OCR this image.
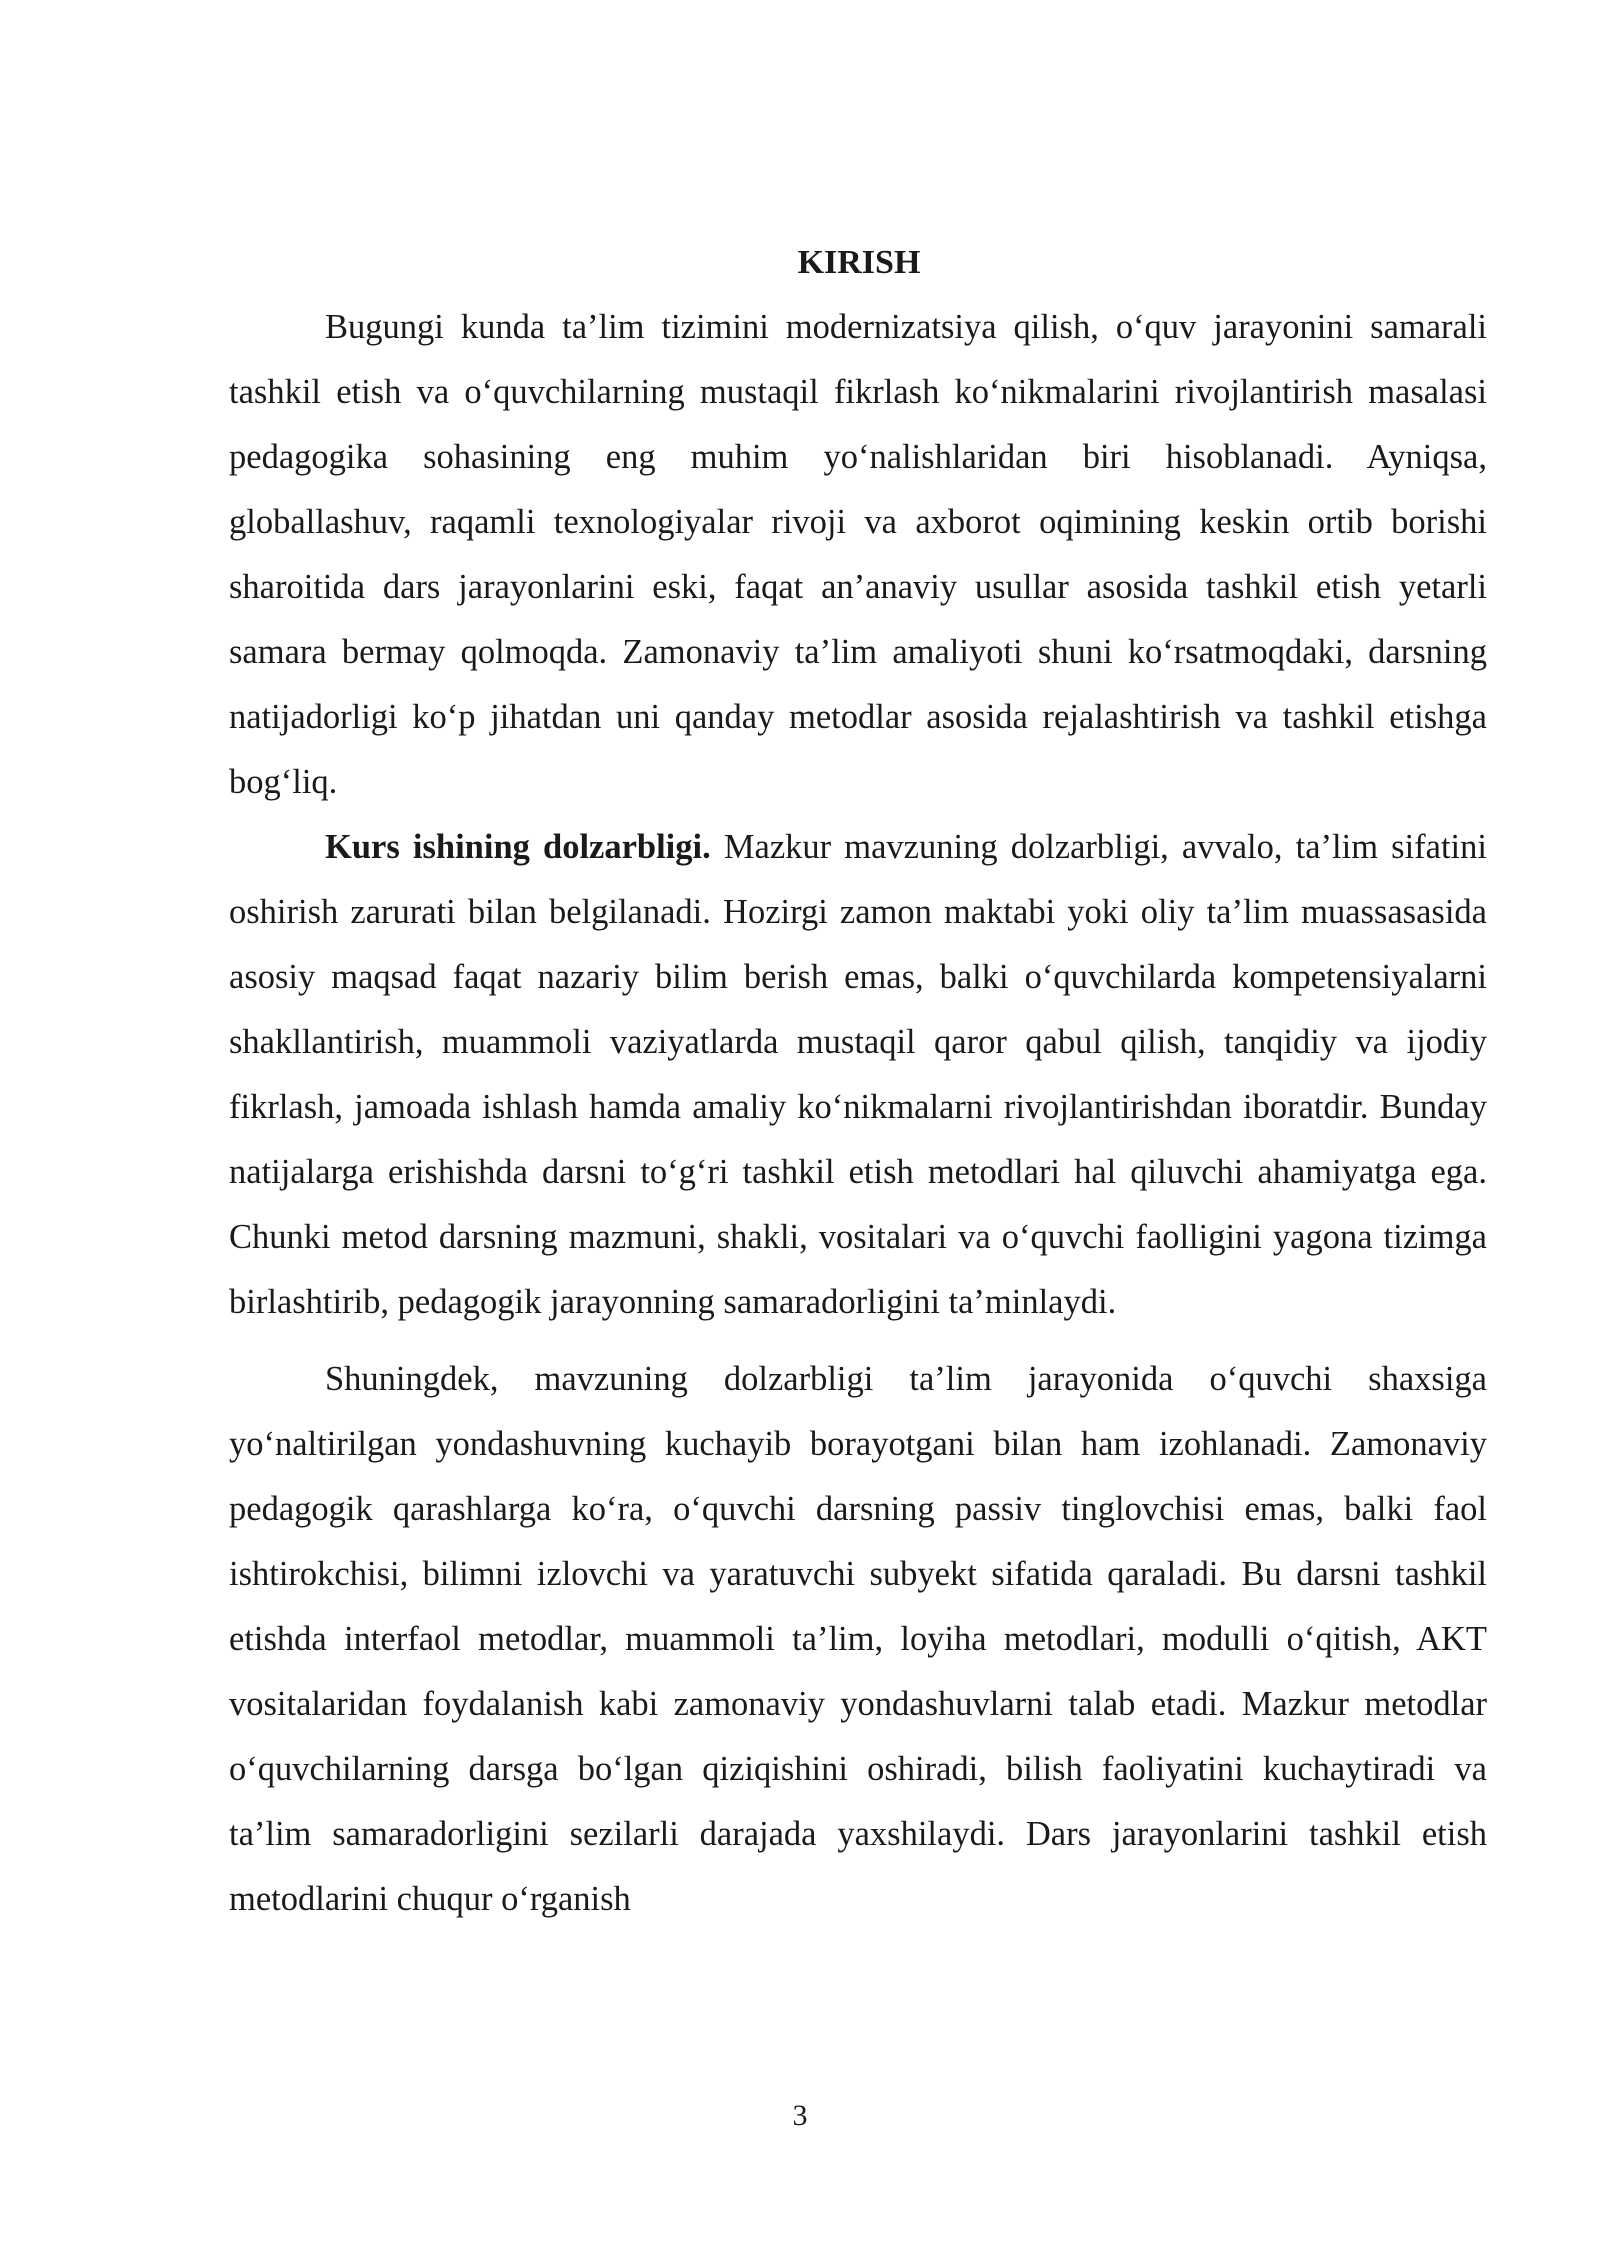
KIRISH

Bugungi kunda ta’lim tizimini modernizatsiya qilish, o‘quv jarayonini samarali tashkil etish va o‘quvchilarning mustaqil fikrlash ko‘nikmalarini rivojlantirish masalasi pedagogika sohasining eng muhim yo‘nalishlaridan biri hisoblanadi. Ayniqsa, globallashuv, raqamli texnologiyalar rivoji va axborot oqimining keskin ortib borishi sharoitida dars jarayonlarini eski, faqat an’anaviy usullar asosida tashkil etish yetarli samara bermay qolmoqda. Zamonaviy ta’lim amaliyoti shuni ko‘rsatmoqdaki, darsning natijadorligi ko‘p jihatdan uni qanday metodlar asosida rejalashtirish va tashkil etishga bog‘liq.

Kurs ishining dolzarbligi. Mazkur mavzuning dolzarbligi, avvalo, ta’lim sifatini oshirish zarurati bilan belgilanadi. Hozirgi zamon maktabi yoki oliy ta’lim muassasasida asosiy maqsad faqat nazariy bilim berish emas, balki o‘quvchilarda kompetensiyalarni shakllantirish, muammoli vaziyatlarda mustaqil qaror qabul qilish, tanqidiy va ijodiy fikrlash, jamoada ishlash hamda amaliy ko‘nikmalarni rivojlantirishdan iboratdir. Bunday natijalarga erishishda darsni to‘g‘ri tashkil etish metodlari hal qiluvchi ahamiyatga ega. Chunki metod darsning mazmuni, shakli, vositalari va o‘quvchi faolligini yagona tizimga birlashtirib, pedagogik jarayonning samaradorligini ta’minlaydi.

Shuningdek, mavzuning dolzarbligi ta’lim jarayonida o‘quvchi shaxsiga yo‘naltirilgan yondashuvning kuchayib borayotgani bilan ham izohlanadi. Zamonaviy pedagogik qarashlarga ko‘ra, o‘quvchi darsning passiv tinglovchisi emas, balki faol ishtirokchisi, bilimni izlovchi va yaratuvchi subyekt sifatida qaraladi. Bu darsni tashkil etishda interfaol metodlar, muammoli ta’lim, loyiha metodlari, modulli o‘qitish, AKT vositalaridan foydalanish kabi zamonaviy yondashuvlarni talab etadi. Mazkur metodlar o‘quvchilarning darsga bo‘lgan qiziqishini oshiradi, bilish faoliyatini kuchaytiradi va ta’lim samaradorligini sezilarli darajada yaxshilaydi. Dars jarayonlarini tashkil etish metodlarini chuqur o‘rganish

3
